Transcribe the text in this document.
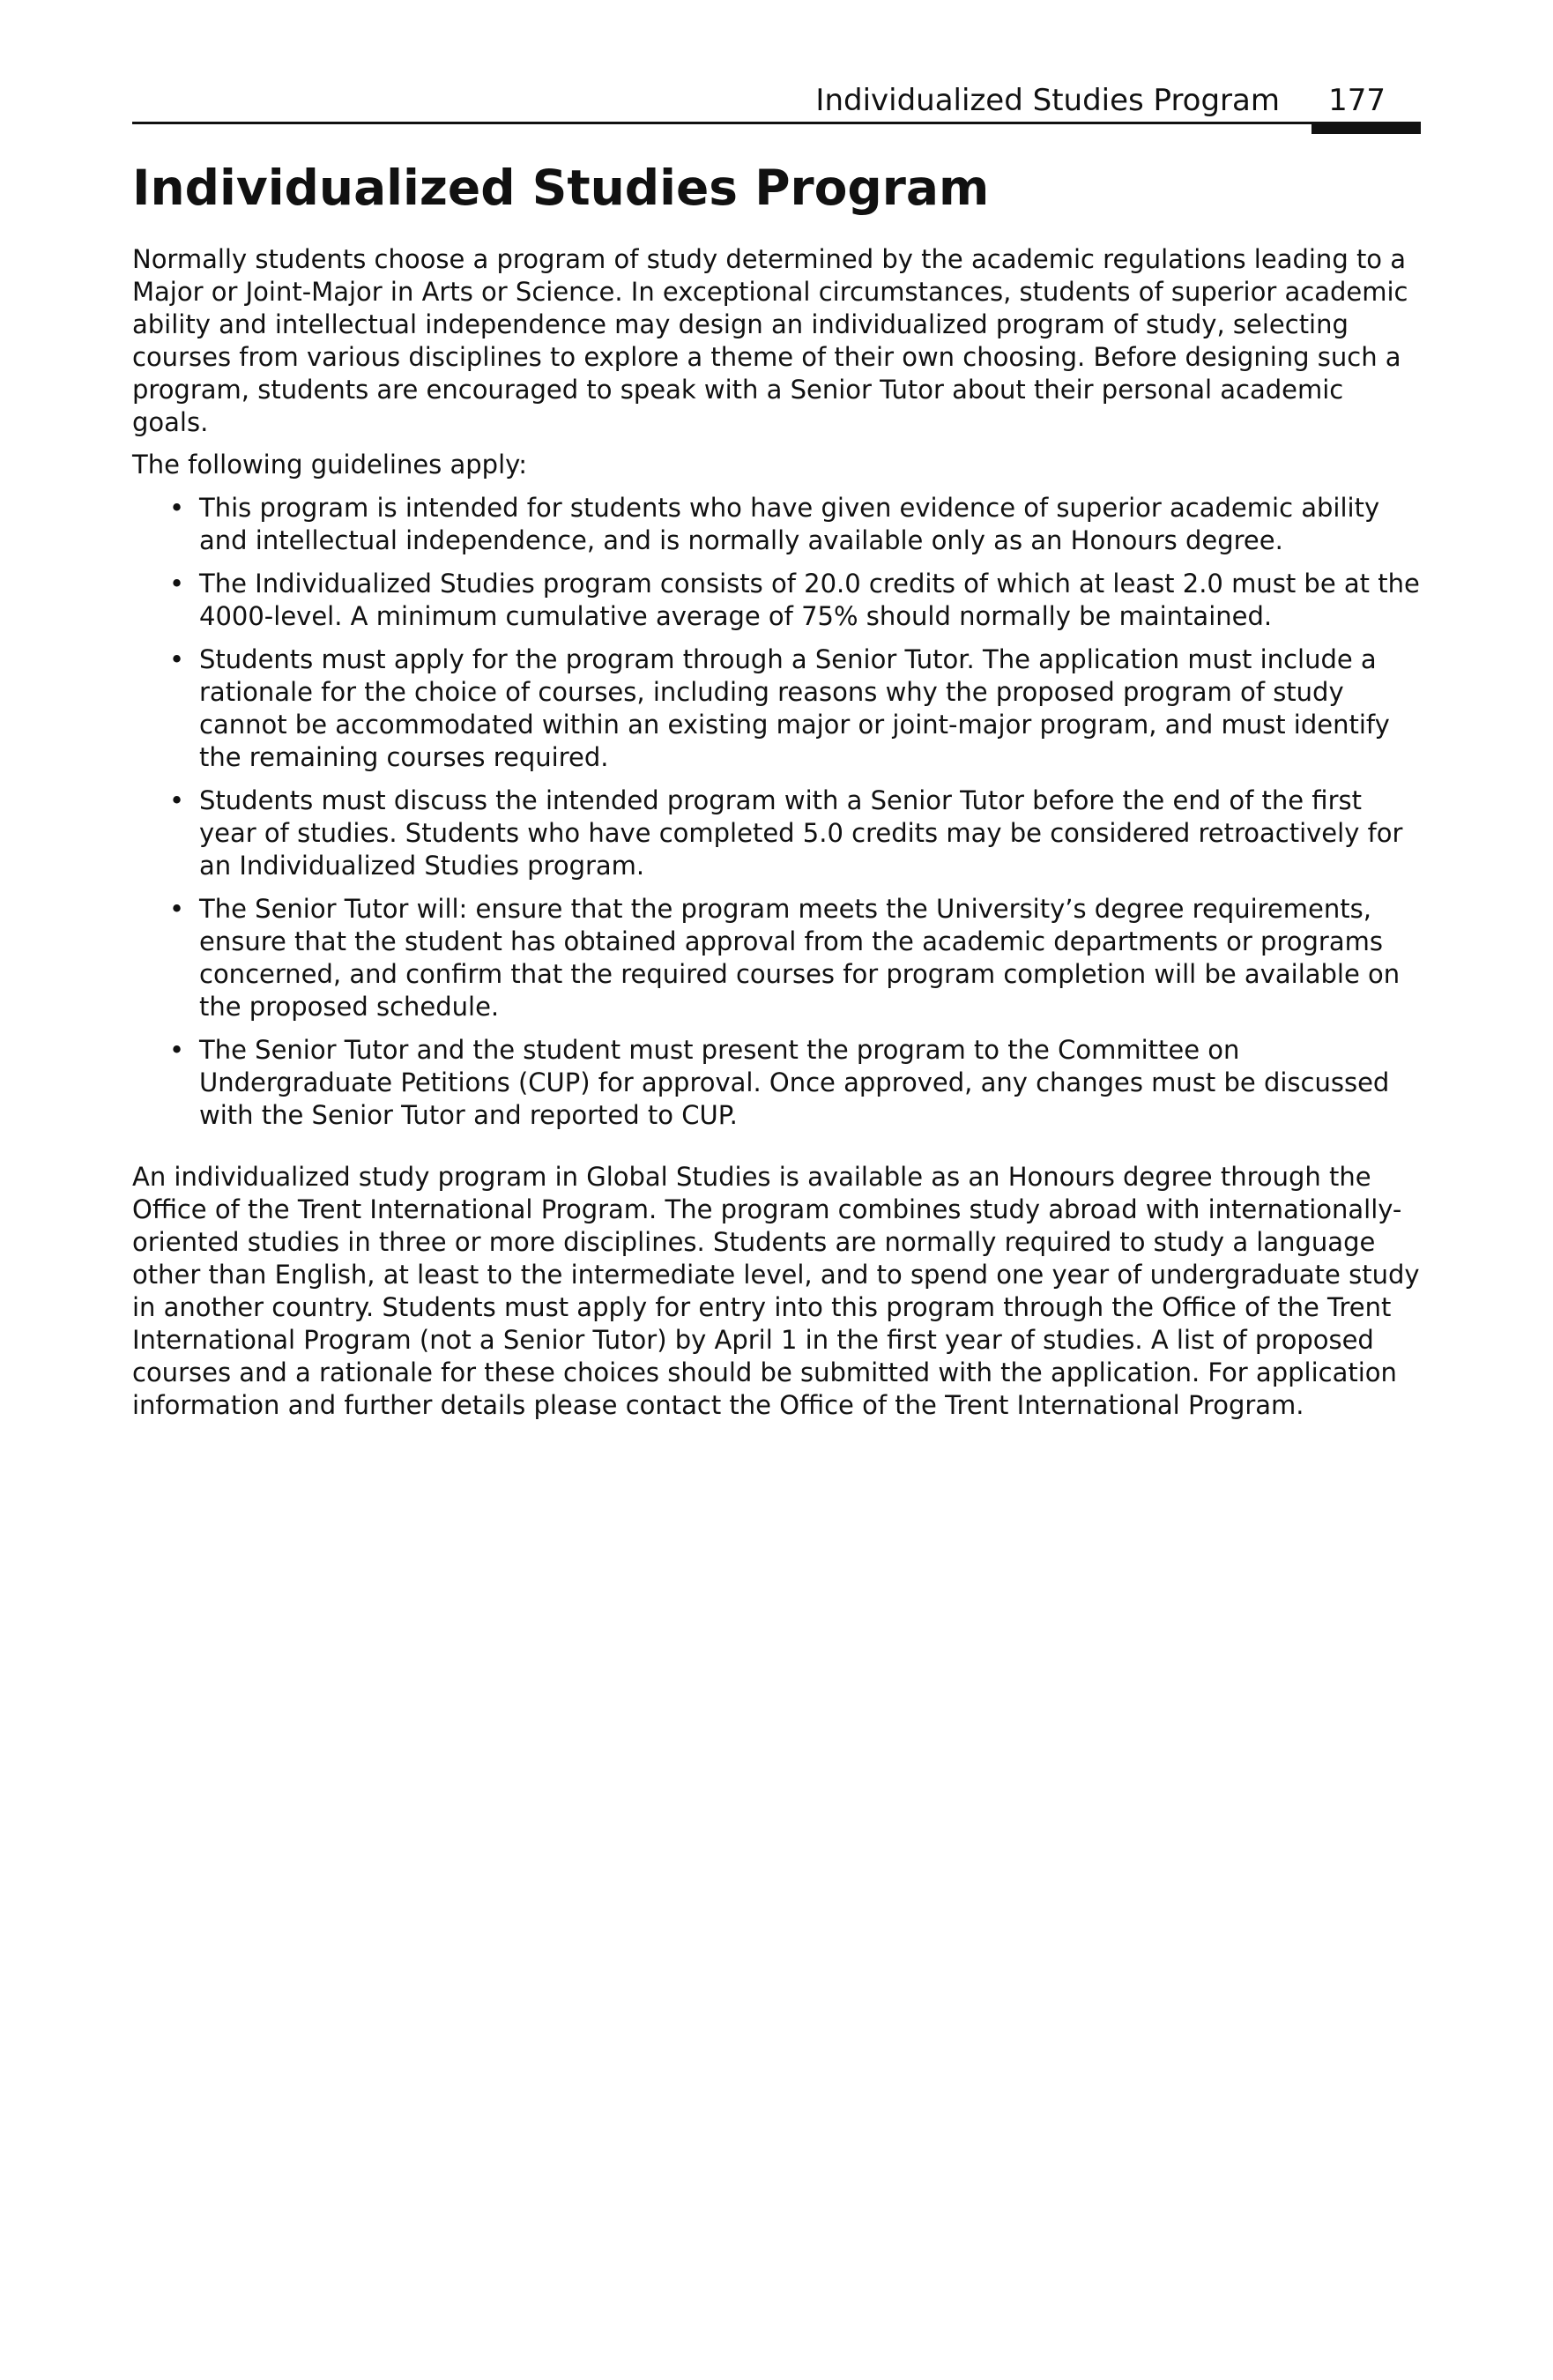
Individualized Studies Program 177
Individualized Studies Program

Normally students choose a program of study determined by the academic regulations leading to a Major or Joint-Major in Arts or Science. In exceptional circumstances, students of superior academic ability and intellectual independence may design an individualized program of study, selecting courses from various disciplines to explore a theme of their own choosing. Before designing such a program, students are encouraged to speak with a Senior Tutor about their personal academic goals.

The following guidelines apply:

• This program is intended for students who have given evidence of superior academic ability and intellectual independence, and is normally available only as an Honours degree.
• The Individualized Studies program consists of 20.0 credits of which at least 2.0 must be at the 4000-level. A minimum cumulative average of 75% should normally be maintained.
• Students must apply for the program through a Senior Tutor. The application must include a rationale for the choice of courses, including reasons why the proposed program of study cannot be accommodated within an existing major or joint-major program, and must identify the remaining courses required.
• Students must discuss the intended program with a Senior Tutor before the end of the first year of studies. Students who have completed 5.0 credits may be considered retroactively for an Individualized Studies program.
• The Senior Tutor will: ensure that the program meets the University’s degree requirements, ensure that the student has obtained approval from the academic departments or programs concerned, and confirm that the required courses for program completion will be available on the proposed schedule.
• The Senior Tutor and the student must present the program to the Committee on Undergraduate Petitions (CUP) for approval. Once approved, any changes must be discussed with the Senior Tutor and reported to CUP.

An individualized study program in Global Studies is available as an Honours degree through the Office of the Trent International Program. The program combines study abroad with internationally-oriented studies in three or more disciplines. Students are normally required to study a language other than English, at least to the intermediate level, and to spend one year of undergraduate study in another country. Students must apply for entry into this program through the Office of the Trent International Program (not a Senior Tutor) by April 1 in the first year of studies. A list of proposed courses and a rationale for these choices should be submitted with the application. For application information and further details please contact the Office of the Trent International Program.
